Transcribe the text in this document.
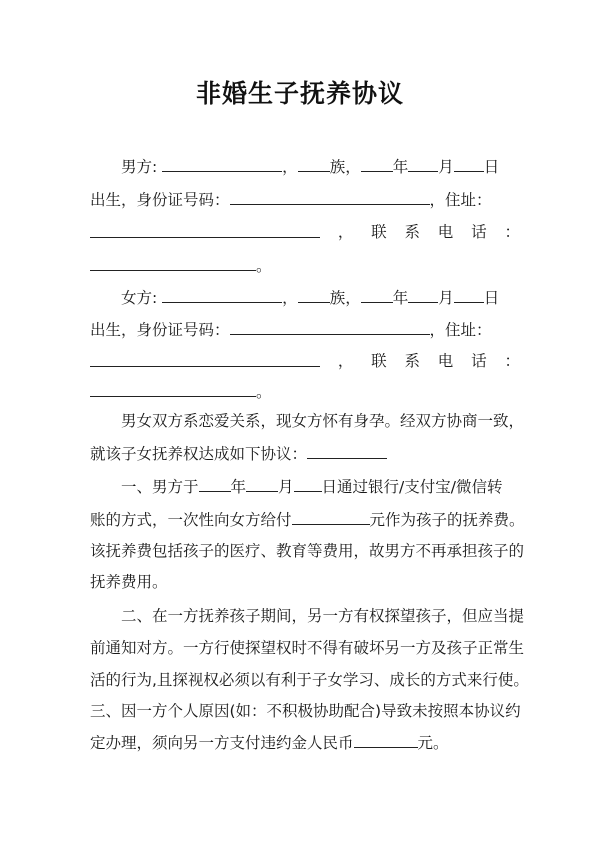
非婚生子抚养协议
男方:	， 族， 年 月 日
出生，身份证号码：	，住址：
， 联 系 电 话 ：
。
女方:	， 族， 年 月 日
出生，身份证号码：	，住址：
， 联 系 电 话 ：
。
男女双方系恋爱关系，现女方怀有身孕。经双方协商一致，
就该子女抚养权达成如下协议：
一、男方于 年 月 日通过银行/支付宝/微信转
账的方式，一次性向女方给付	元作为孩子的抚养费。
该抚养费包括孩子的医疗、教育等费用，故男方不再承担孩子的
抚养费用。
二、在一方抚养孩子期间，另一方有权探望孩子，但应当提
前通知对方。一方行使探望权时不得有破坏另一方及孩子正常生
活的行为,且探视权必须以有利于子女学习、成长的方式来行使。
三、因一方个人原因(如：不积极协助配合)导致未按照本协议约
定办理，须向另一方支付违约金人民币	元。
